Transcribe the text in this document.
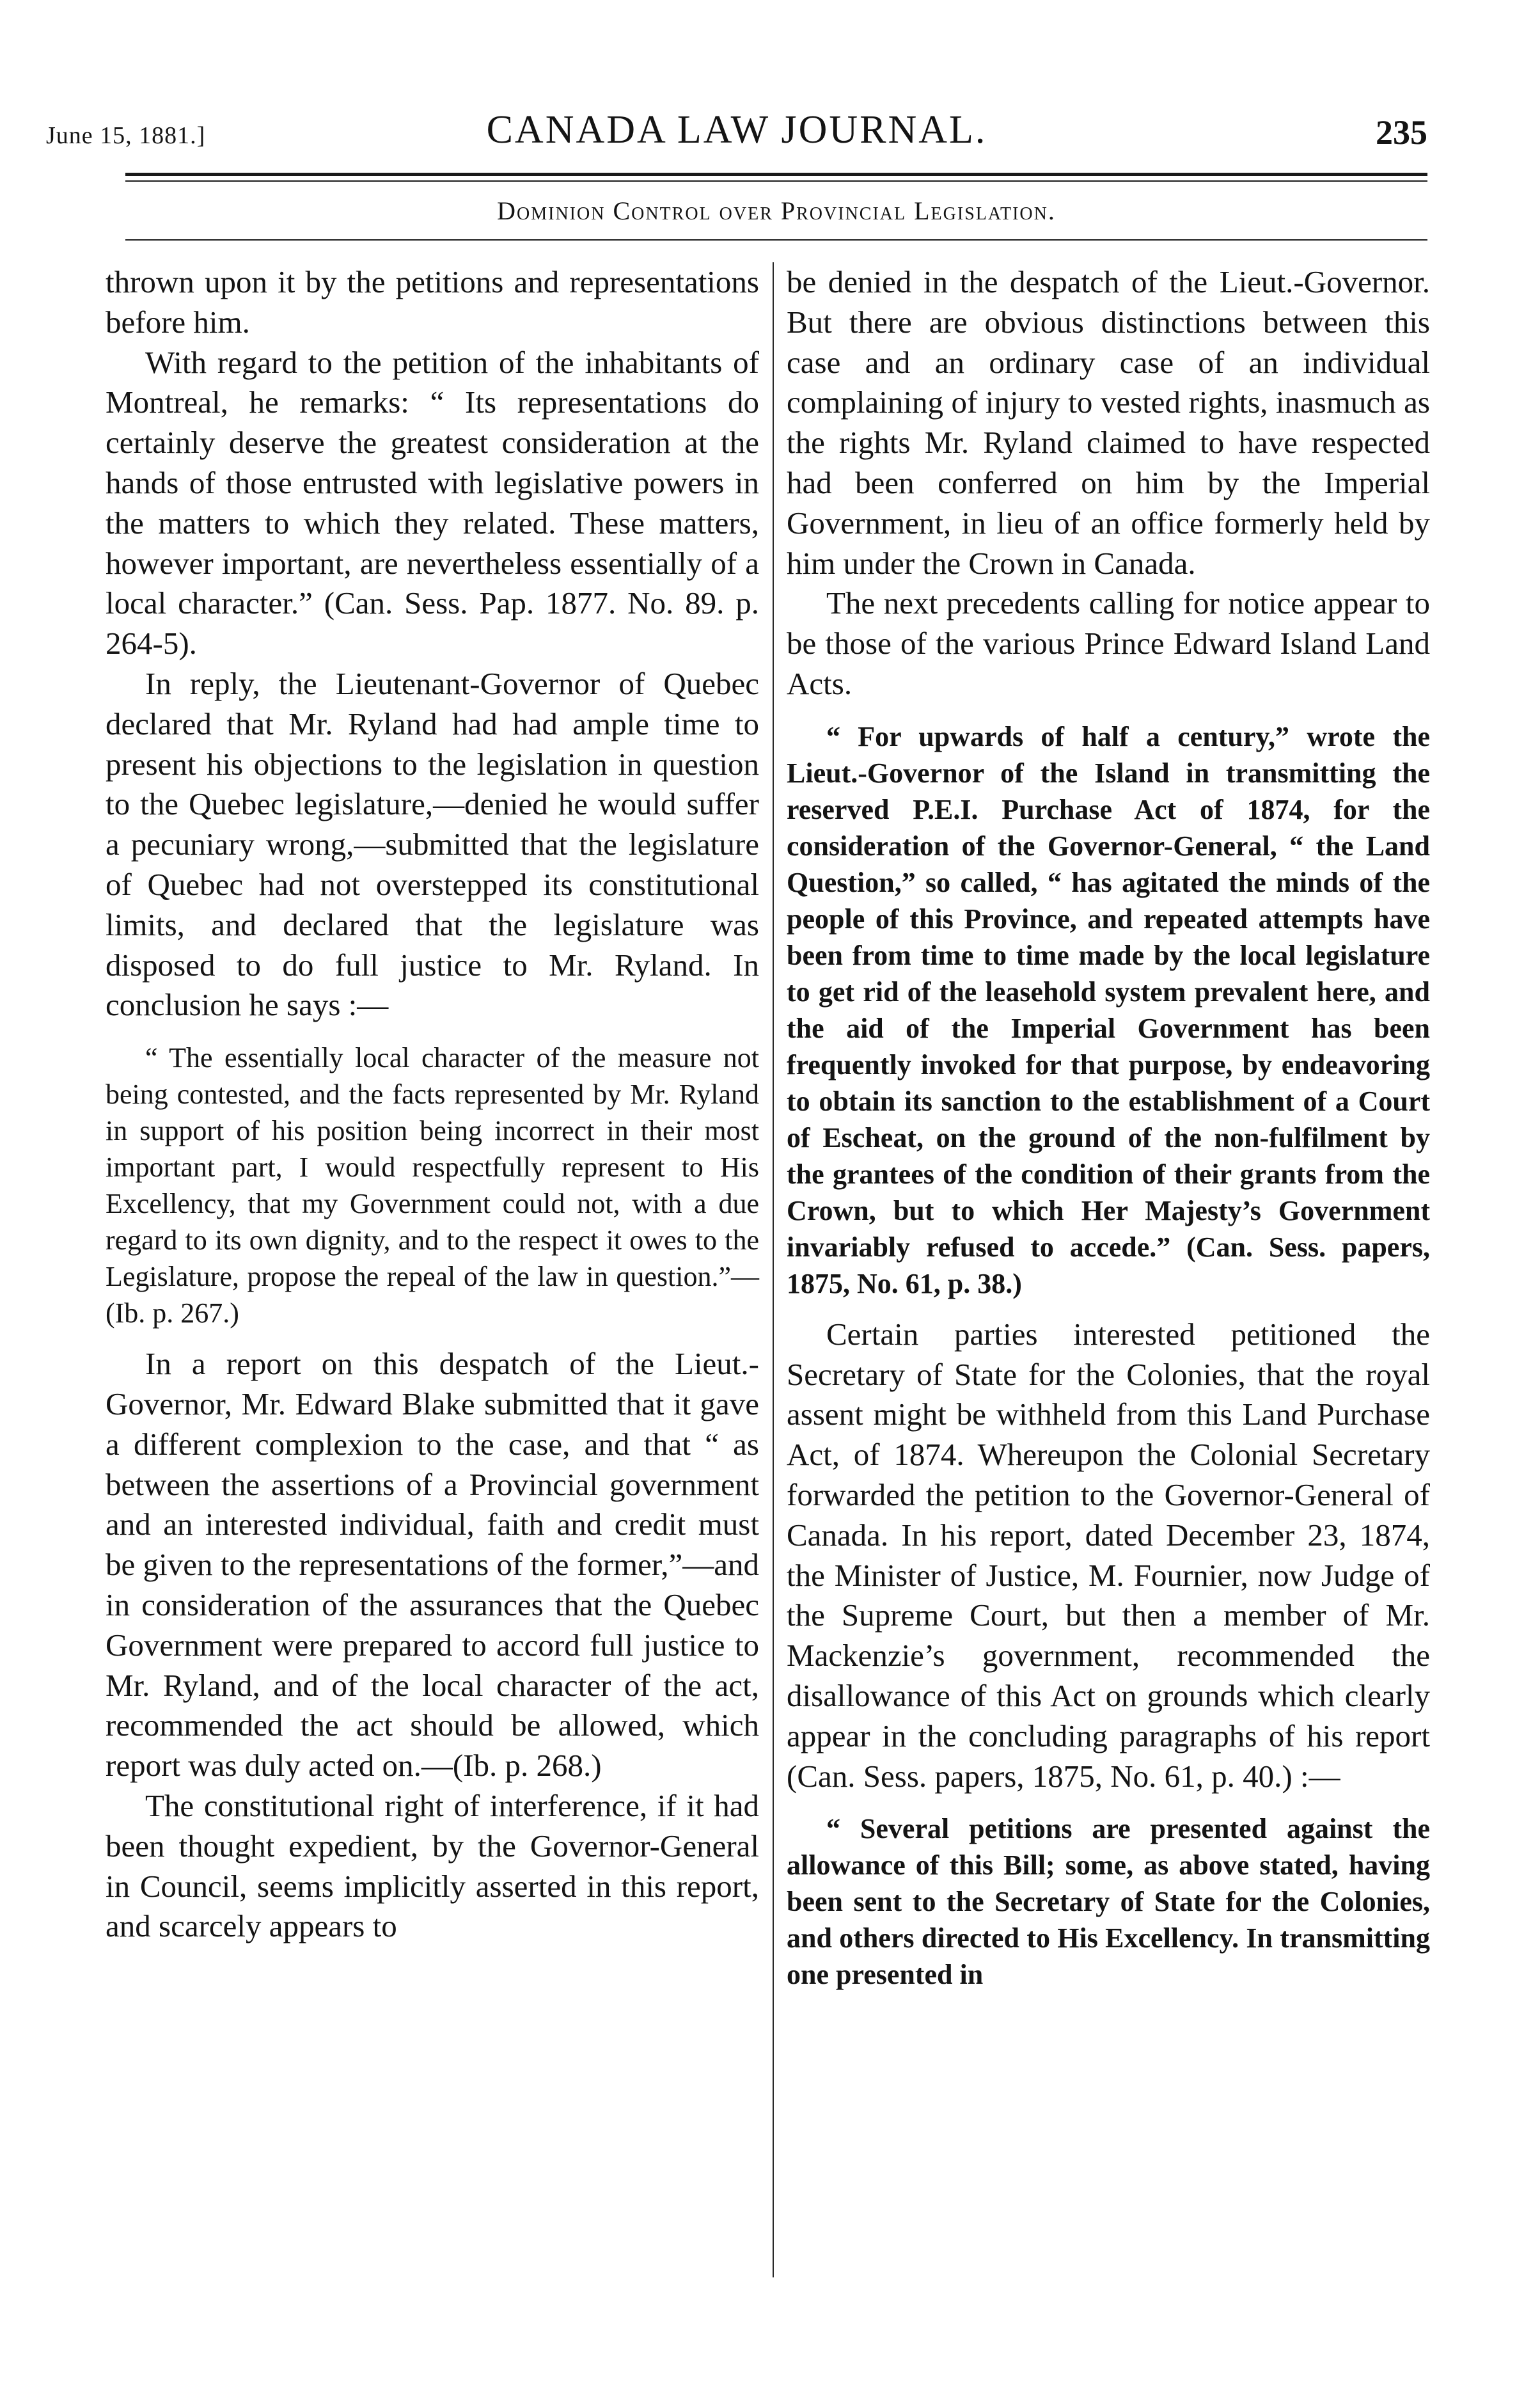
June 15, 1881.]	CANADA LAW JOURNAL.	235
Dominion Control over Provincial Legislation.

thrown upon it by the petitions and representations before him.

With regard to the petition of the inhabitants of Montreal, he remarks: “ Its representations do certainly deserve the greatest consideration at the hands of those entrusted with legislative powers in the matters to which they related. These matters, however important, are nevertheless essentially of a local character.” (Can. Sess. Pap. 1877. No. 89. p. 264-5).

In reply, the Lieutenant-Governor of Quebec declared that Mr. Ryland had had ample time to present his objections to the legislation in question to the Quebec legislature,—denied he would suffer a pecuniary wrong,—submitted that the legislature of Quebec had not overstepped its constitutional limits, and declared that the legislature was disposed to do full justice to Mr. Ryland. In conclusion he says :—

“ The essentially local character of the measure not being contested, and the facts represented by Mr. Ryland in support of his position being incorrect in their most important part, I would respectfully represent to His Excellency, that my Government could not, with a due regard to its own dignity, and to the respect it owes to the Legislature, propose the repeal of the law in question.”—(Ib. p. 267.)

In a report on this despatch of the Lieut.-Governor, Mr. Edward Blake submitted that it gave a different complexion to the case, and that “ as between the assertions of a Provincial government and an interested individual, faith and credit must be given to the representations of the former,”—and in consideration of the assurances that the Quebec Government were prepared to accord full justice to Mr. Ryland, and of the local character of the act, recommended the act should be allowed, which report was duly acted on.—(Ib. p. 268.)

The constitutional right of interference, if it had been thought expedient, by the Governor-General in Council, seems implicitly asserted in this report, and scarcely appears to

be denied in the despatch of the Lieut.-Governor. But there are obvious distinctions between this case and an ordinary case of an individual complaining of injury to vested rights, inasmuch as the rights Mr. Ryland claimed to have respected had been conferred on him by the Imperial Government, in lieu of an office formerly held by him under the Crown in Canada.

The next precedents calling for notice appear to be those of the various Prince Edward Island Land Acts.

“ For upwards of half a century,” wrote the Lieut.-Governor of the Island in transmitting the reserved P.E.I. Purchase Act of 1874, for the consideration of the Governor-General, “ the Land Question,” so called, “ has agitated the minds of the people of this Province, and repeated attempts have been from time to time made by the local legislature to get rid of the leasehold system prevalent here, and the aid of the Imperial Government has been frequently invoked for that purpose, by endeavoring to obtain its sanction to the establishment of a Court of Escheat, on the ground of the non-fulfilment by the grantees of the condition of their grants from the Crown, but to which Her Majesty’s Government invariably refused to accede.” (Can. Sess. papers, 1875, No. 61, p. 38.)

Certain parties interested petitioned the Secretary of State for the Colonies, that the royal assent might be withheld from this Land Purchase Act, of 1874. Whereupon the Colonial Secretary forwarded the petition to the Governor-General of Canada. In his report, dated December 23, 1874, the Minister of Justice, M. Fournier, now Judge of the Supreme Court, but then a member of Mr. Mackenzie’s government, recommended the disallowance of this Act on grounds which clearly appear in the concluding paragraphs of his report (Can. Sess. papers, 1875, No. 61, p. 40.) :—

“ Several petitions are presented against the allowance of this Bill; some, as above stated, having been sent to the Secretary of State for the Colonies, and others directed to His Excellency. In transmitting one presented in
